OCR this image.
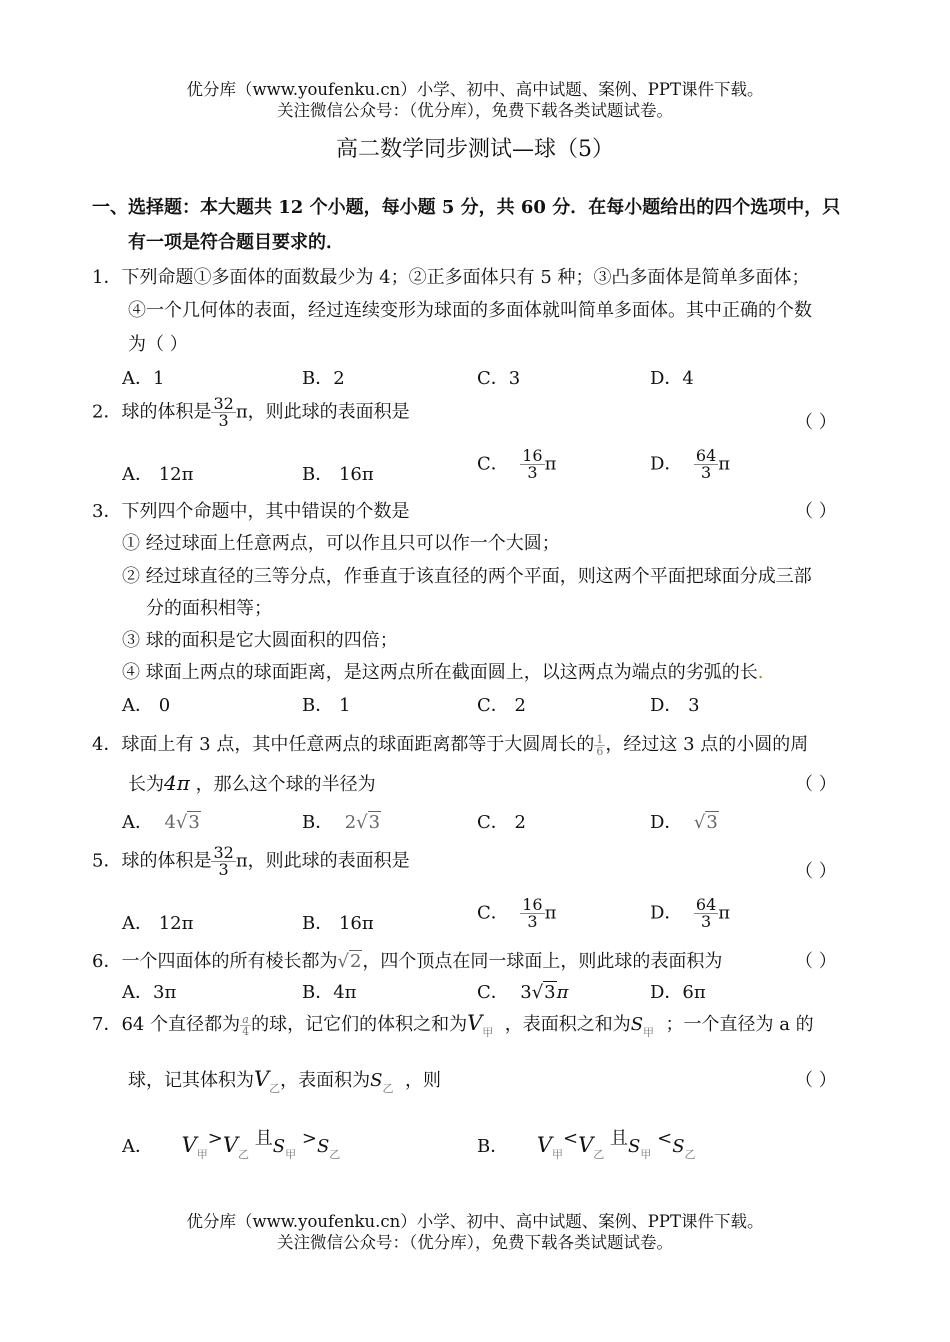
优分库（www.youfenku.cn）小学、初中、高中试题、案例、PPT课件下载。
关注微信公众号：（优分库），免费下载各类试题试卷。
高二数学同步测试—球（5）
一、选择题：本大题共 12 个小题，每小题 5 分，共 60 分．在每小题给出的四个选项中，只
有一项是符合题目要求的．
1．下列命题①多面体的面数最少为 4；②正多面体只有 5 种；③凸多面体是简单多面体；
④一个几何体的表面，经过连续变形为球面的多面体就叫简单多面体。其中正确的个数
为（ ）
A．1	B．2	C．3	D．4
2．球的体积是 $\frac{32}{3}$ π，则此球的表面积是	（ ）
A． 12π	B． 16π	C． $\frac{16}{3}$ π	D． $\frac{64}{3}$ π
3．下列四个命题中，其中错误的个数是	（ ）
① 经过球面上任意两点，可以作且只可以作一个大圆；
② 经过球直径的三等分点，作垂直于该直径的两个平面，则这两个平面把球面分成三部
分的面积相等；
③ 球的面积是它大圆面积的四倍；
④ 球面上两点的球面距离，是这两点所在截面圆上，以这两点为端点的劣弧的长.
A． 0	B． 1	C． 2	D． 3
4．球面上有 3 点，其中任意两点的球面距离都等于大圆周长的 $\frac{1}{6}$ ，经过这 3 点的小圆的周
长为4π ，那么这个球的半径为	（ ）
A． 4√3	B． 2√3	C． 2	D． √3
5．球的体积是 $\frac{32}{3}$ π，则此球的表面积是	（ ）
A． 12π	B． 16π	C． $\frac{16}{3}$ π	D． $\frac{64}{3}$ π
6．一个四面体的所有棱长都为√2，四个顶点在同一球面上，则此球的表面积为	（ ）
A．3π	B．4π	C． 3√3π	D．6π
7．64 个直径都为 $\frac{a}{4}$ 的球，记它们的体积之和为$V_甲$ ，表面积之和为$S_甲$ ；一个直径为 a 的
球，记其体积为$V_乙$，表面积为$S_乙$ ，则	（ ）
A． $V_甲>V_乙$ 且$S_甲 >S_乙$	B． $V_甲<V_乙$ 且$S_甲 <S_乙$
优分库（www.youfenku.cn）小学、初中、高中试题、案例、PPT课件下载。
关注微信公众号：（优分库），免费下载各类试题试卷。
